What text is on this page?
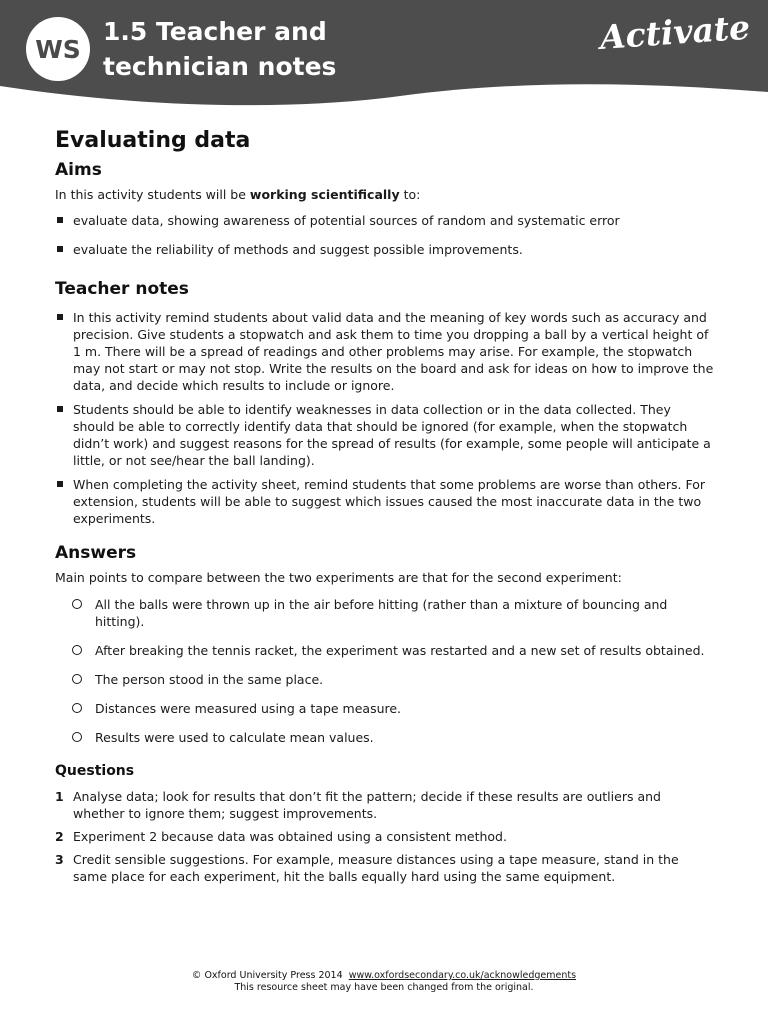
WS
1.5 Teacher and
technician notes
Activate
Evaluating data
Aims

In this activity students will be working scientifically to:

evaluate data, showing awareness of potential sources of random and systematic error
evaluate the reliability of methods and suggest possible improvements.
Teacher notes
In this activity remind students about valid data and the meaning of key words such as accuracy and precision. Give students a stopwatch and ask them to time you dropping a ball by a vertical height of 1 m. There will be a spread of readings and other problems may arise. For example, the stopwatch may not start or may not stop. Write the results on the board and ask for ideas on how to improve the data, and decide which results to include or ignore.
Students should be able to identify weaknesses in data collection or in the data collected. They should be able to correctly identify data that should be ignored (for example, when the stopwatch didn’t work) and suggest reasons for the spread of results (for example, some people will anticipate a little, or not see/hear the ball landing).
When completing the activity sheet, remind students that some problems are worse than others. For extension, students will be able to suggest which issues caused the most inaccurate data in the two experiments.
Answers

Main points to compare between the two experiments are that for the second experiment:

All the balls were thrown up in the air before hitting (rather than a mixture of bouncing and hitting).
After breaking the tennis racket, the experiment was restarted and a new set of results obtained.
The person stood in the same place.
Distances were measured using a tape measure.
Results were used to calculate mean values.
Questions
1 Analyse data; look for results that don’t fit the pattern; decide if these results are outliers and whether to ignore them; suggest improvements.
2 Experiment 2 because data was obtained using a consistent method.
3 Credit sensible suggestions. For example, measure distances using a tape measure, stand in the same place for each experiment, hit the balls equally hard using the same equipment.
© Oxford University Press 2014 www.oxfordsecondary.co.uk/acknowledgements
This resource sheet may have been changed from the original.
